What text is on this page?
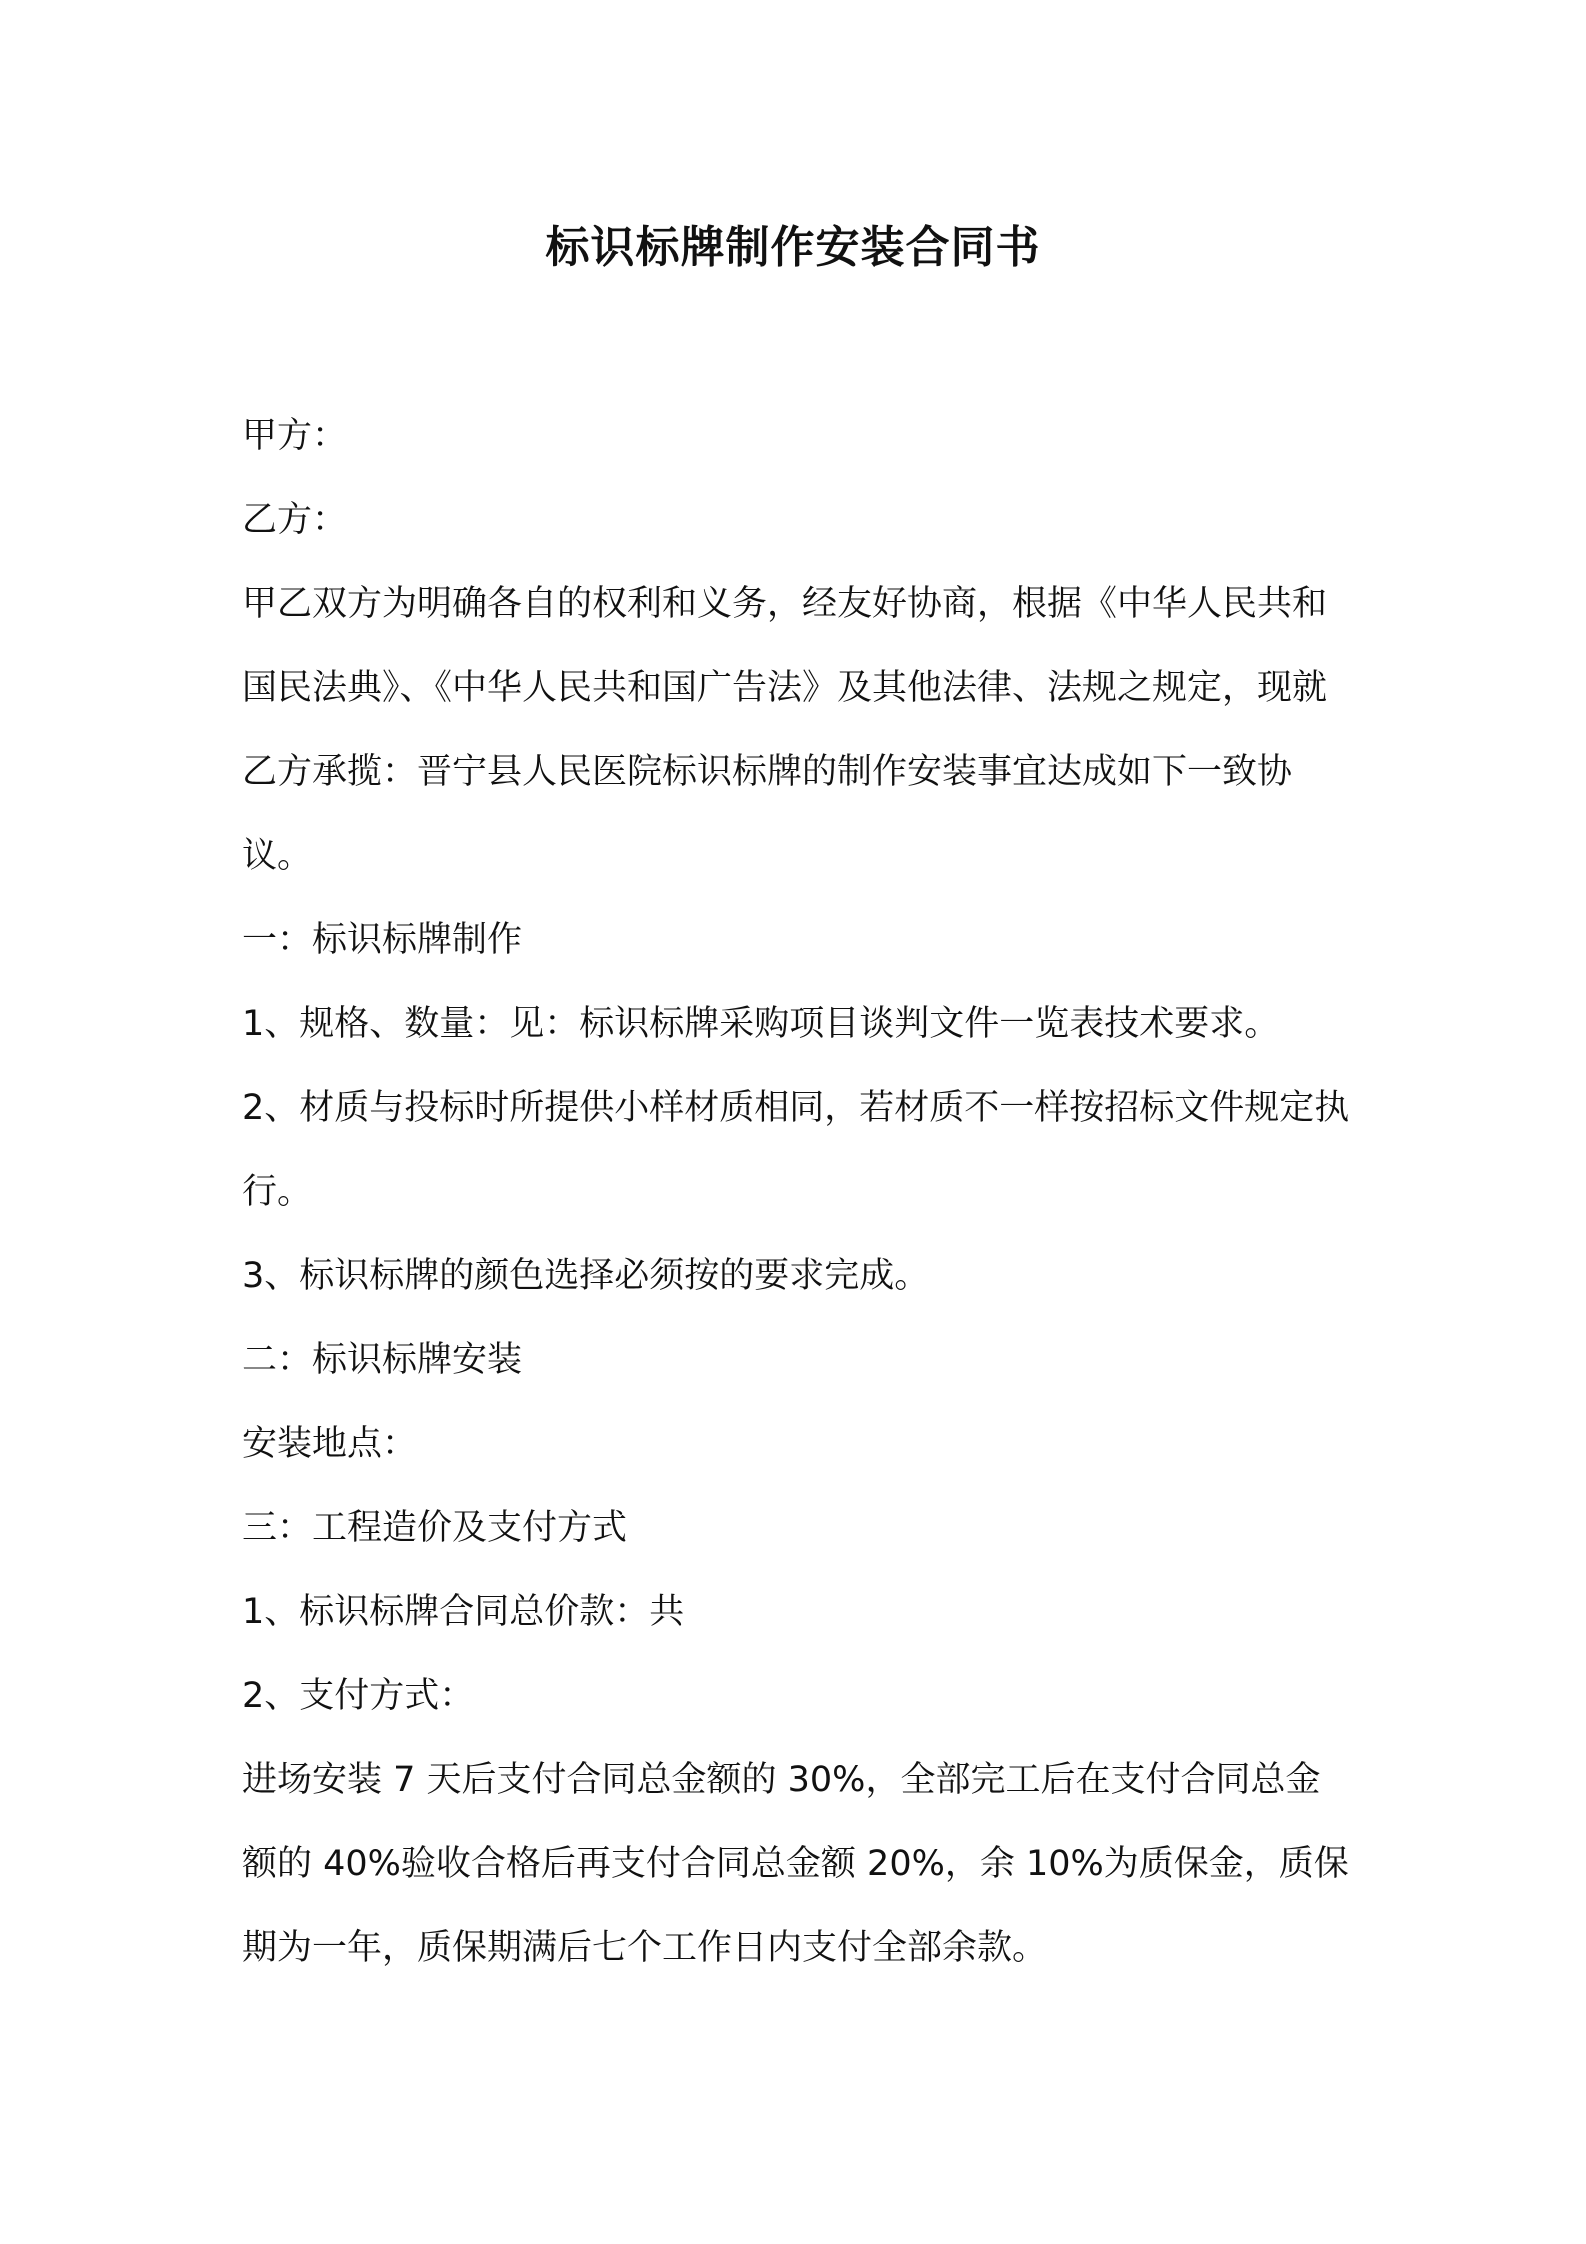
标识标牌制作安装合同书

甲方：

乙方：

甲乙双方为明确各自的权利和义务，经友好协商，根据《中华人民共和国民法典》、《中华人民共和国广告法》及其他法律、法规之规定，现就乙方承揽：晋宁县人民医院标识标牌的制作安装事宜达成如下一致协议。

一：标识标牌制作

1、规格、数量：见：标识标牌采购项目谈判文件一览表技术要求。

2、材质与投标时所提供小样材质相同，若材质不一样按招标文件规定执行。

3、标识标牌的颜色选择必须按的要求完成。

二：标识标牌安装

安装地点：

三：工程造价及支付方式

1、标识标牌合同总价款：共

2、支付方式：

进场安装 7 天后支付合同总金额的 30%，全部完工后在支付合同总金额的 40%验收合格后再支付合同总金额 20%，余 10%为质保金，质保期为一年，质保期满后七个工作日内支付全部余款。
